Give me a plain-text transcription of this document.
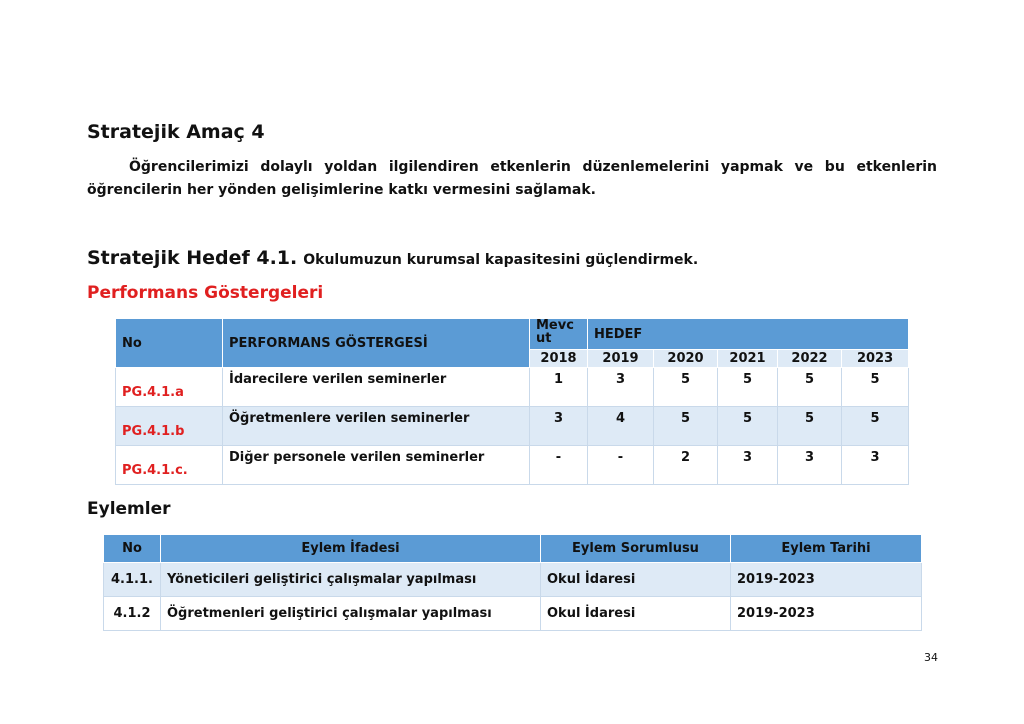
Stratejik Amaç 4

Öğrencilerimizi dolaylı yoldan ilgilendiren etkenlerin düzenlemelerini yapmak ve bu etkenlerin öğrencilerin her yönden gelişimlerine katkı vermesini sağlamak.

Stratejik Hedef 4.1. Okulumuzun kurumsal kapasitesini güçlendirmek.

Performans Göstergeleri
No	PERFORMANS GÖSTERGESİ	Mevcut	HEDEF				
		2018	2019	2020	2021	2022	2023
PG.4.1.a	İdarecilere verilen seminerler	1	3	5	5	5	5
PG.4.1.b	Öğretmenlere verilen seminerler	3	4	5	5	5	5
PG.4.1.c.	Diğer personele verilen seminerler	-	-	2	3	3	3
Eylemler
No	Eylem İfadesi	Eylem Sorumlusu	Eylem Tarihi
4.1.1.	Yöneticileri geliştirici çalışmalar yapılması	Okul İdaresi	2019-2023
4.1.2	Öğretmenleri geliştirici çalışmalar yapılması	Okul İdaresi	2019-2023
34
